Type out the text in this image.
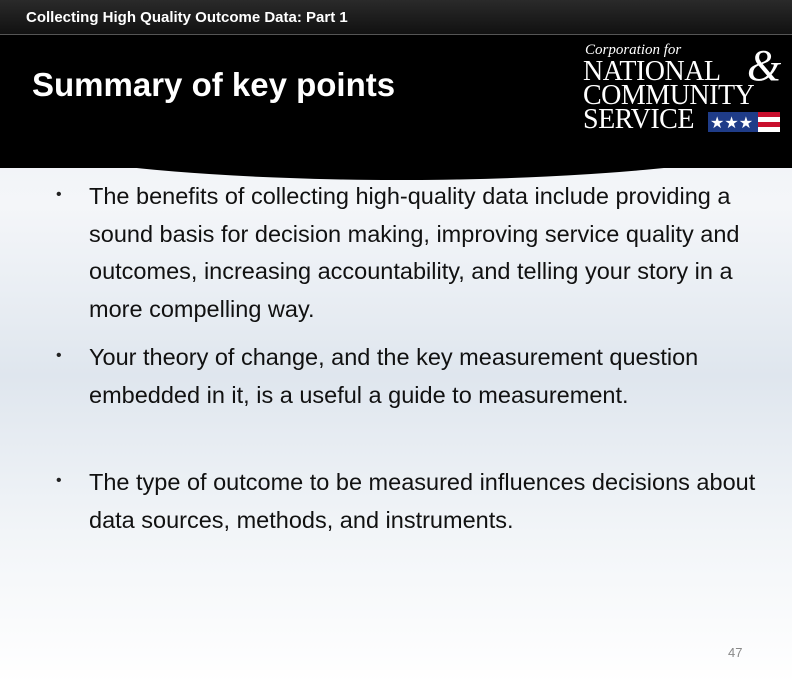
Collecting High Quality Outcome Data: Part 1
Summary of key points
Corporation for
NATIONAL &
COMMUNITY
SERVICE ★★★
• The benefits of collecting high-quality data include providing a sound basis for decision making, improving service quality and outcomes, increasing accountability, and telling your story in a more compelling way.
• Your theory of change, and the key measurement question embedded in it, is a useful a guide to measurement.
• The type of outcome to be measured influences decisions about data sources, methods, and instruments.
47
